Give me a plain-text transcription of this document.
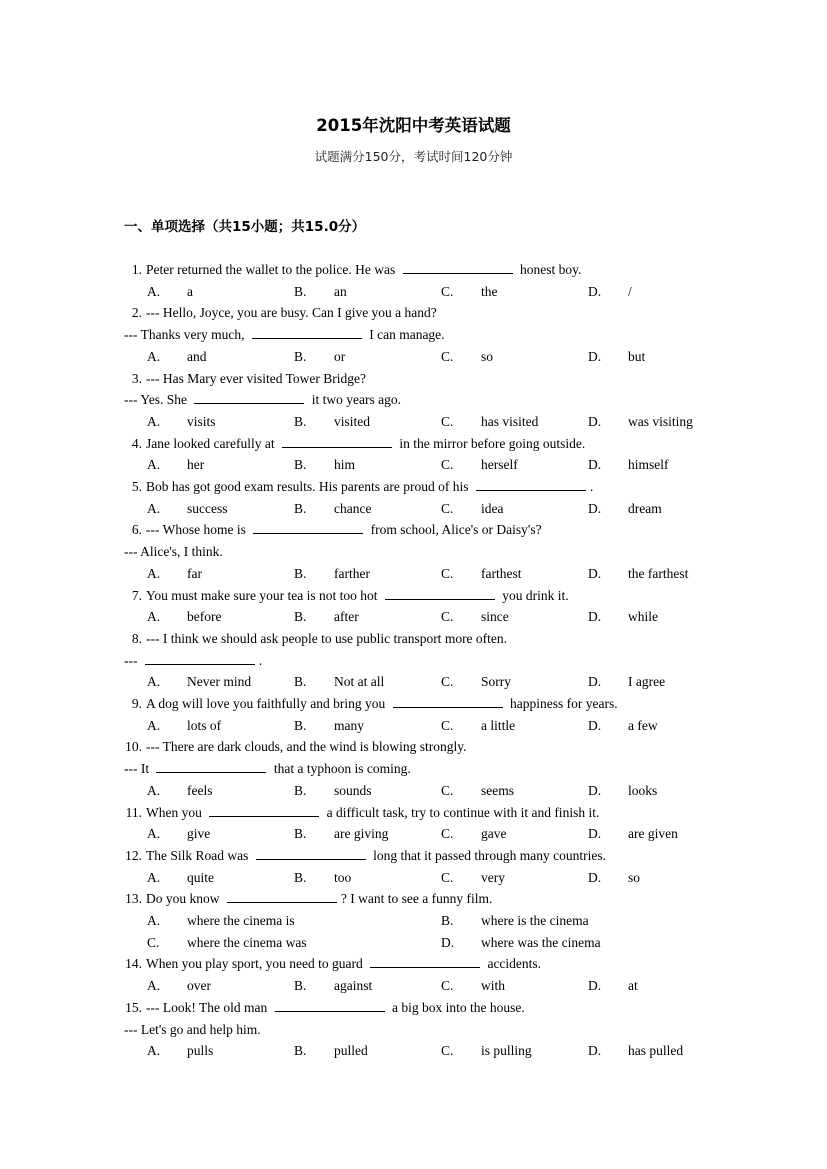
2015年沈阳中考英语试题
试题满分150分，考试时间120分钟
一、单项选择（共15小题；共15.0分）
1. Peter returned the wallet to the police. He was	honest boy.
A. a	B. an	C. the	D. /
2. --- Hello, Joyce, you are busy. Can I give you a hand?
--- Thanks very much,	I can manage.
A. and	B. or	C. so	D. but
3. --- Has Mary ever visited Tower Bridge?
--- Yes. She	it two years ago.
A. visits	B. visited	C. has visited	D. was visiting
4. Jane looked carefully at	in the mirror before going outside.
A. her	B. him	C. herself	D. himself
5. Bob has got good exam results. His parents are proud of his	.
A. success	B. chance	C. idea	D. dream
6. --- Whose home is	from school, Alice's or Daisy's?
--- Alice's, I think.
A. far	B. farther	C. farthest	D. the farthest
7. You must make sure your tea is not too hot	you drink it.
A. before	B. after	C. since	D. while
8. --- I think we should ask people to use public transport more often.
---	.
A. Never mind	B. Not at all	C. Sorry	D. I agree
9. A dog will love you faithfully and bring you	happiness for years.
A. lots of	B. many	C. a little	D. a few
10. --- There are dark clouds, and the wind is blowing strongly.
--- It	that a typhoon is coming.
A. feels	B. sounds	C. seems	D. looks
11. When you	a difficult task, try to continue with it and finish it.
A. give	B. are giving	C. gave	D. are given
12. The Silk Road was	long that it passed through many countries.
A. quite	B. too	C. very	D. so
13. Do you know	? I want to see a funny film.
A. where the cinema is	B. where is the cinema
C. where the cinema was	D. where was the cinema
14. When you play sport, you need to guard	accidents.
A. over	B. against	C. with	D. at
15. --- Look! The old man	a big box into the house.
--- Let's go and help him.
A. pulls	B. pulled	C. is pulling	D. has pulled
